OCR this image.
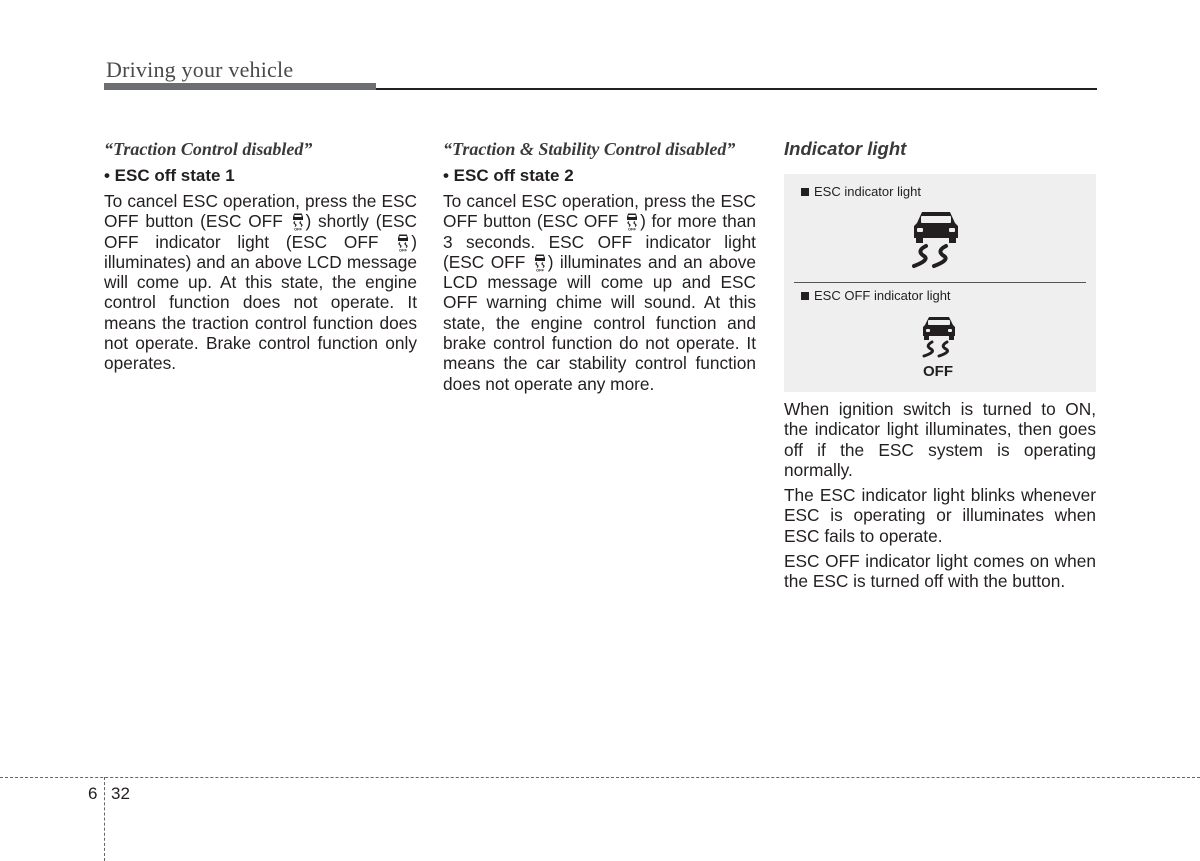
Driving your vehicle
“Traction Control disabled”
• ESC off state 1

To cancel ESC operation, press the ESC OFF button (ESC OFF OFF ) shortly (ESC OFF indicator light (ESC OFF OFF ) illuminates) and an above LCD message will come up. At this state, the engine control function does not operate. It means the traction control function does not operate. Brake control function only operates.

“Traction & Stability Control disabled”
• ESC off state 2

To cancel ESC operation, press the ESC OFF button (ESC OFF OFF ) for more than 3 seconds. ESC OFF indicator light (ESC OFF OFF ) illuminates and an above LCD message will come up and ESC OFF warning chime will sound. At this state, the engine control function and brake control function do not operate. It means the car stability control function does not operate any more.

Indicator light
ESC indicator light
ESC OFF indicator light
OFF

When ignition switch is turned to ON, the indicator light illuminates, then goes off if the ESC system is operating normally.

The ESC indicator light blinks whenever ESC is operating or illuminates when ESC fails to operate.

ESC OFF indicator light comes on when the ESC is turned off with the button.

6 32
